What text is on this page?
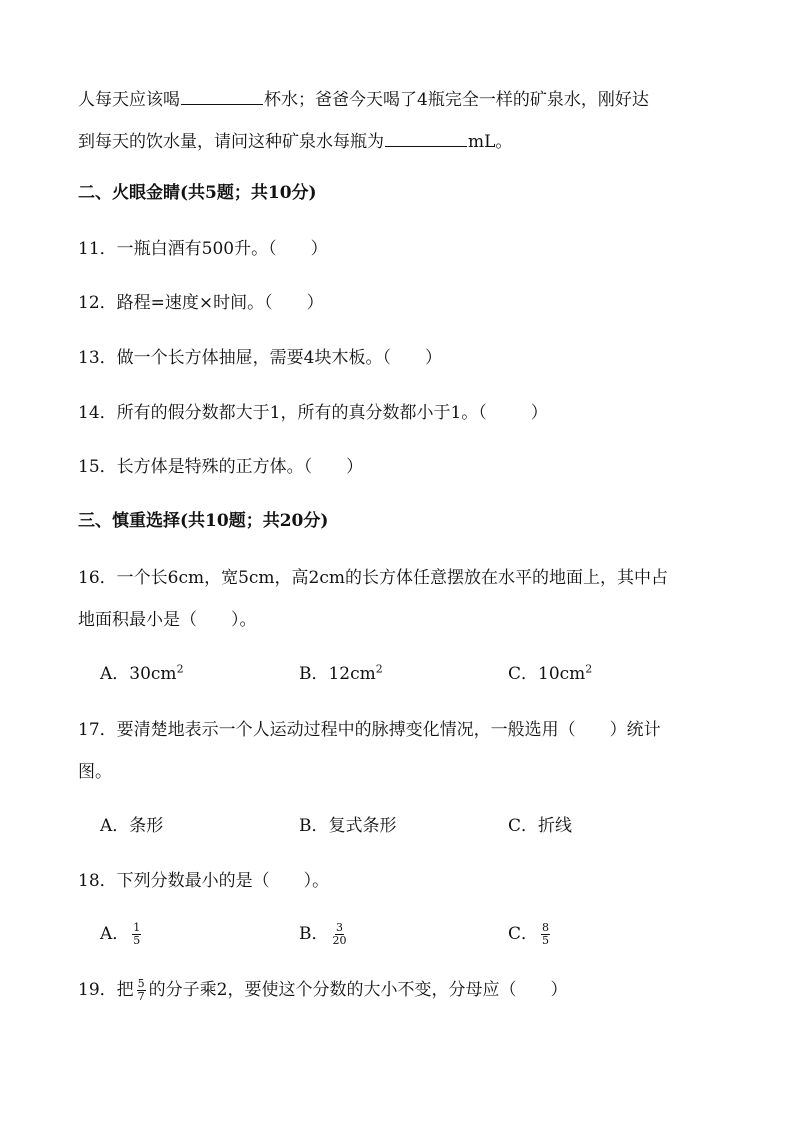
人每天应该喝	杯水；爸爸今天喝了4瓶完全一样的矿泉水，刚好达
到每天的饮水量，请问这种矿泉水每瓶为	mL。
二、火眼金睛(共5题；共10分)
11．一瓶白酒有500升。（ ）
12．路程=速度×时间。（ ）
13．做一个长方体抽屉，需要4块木板。（ ）
14．所有的假分数都大于1，所有的真分数都小于1。（	）
15．长方体是特殊的正方体。（ ）
三、慎重选择(共10题；共20分)
16．一个长6cm，宽5cm，高2cm的长方体任意摆放在水平的地面上，其中占
地面积最小是（ ）。
A．$30cm^2$	B．$12cm^2$	C．$10cm^2$
17．要清楚地表示一个人运动过程中的脉搏变化情况，一般选用（ ）统计
图。
A．条形	B．复式条形	C．折线
18．下列分数最小的是（ ）。
A． $\frac{1}{5}$	B． $\frac{3}{20}$	C． $\frac{8}{5}$
19．把 $\frac{5}{7}$ 的分子乘2，要使这个分数的大小不变，分母应（ ）
